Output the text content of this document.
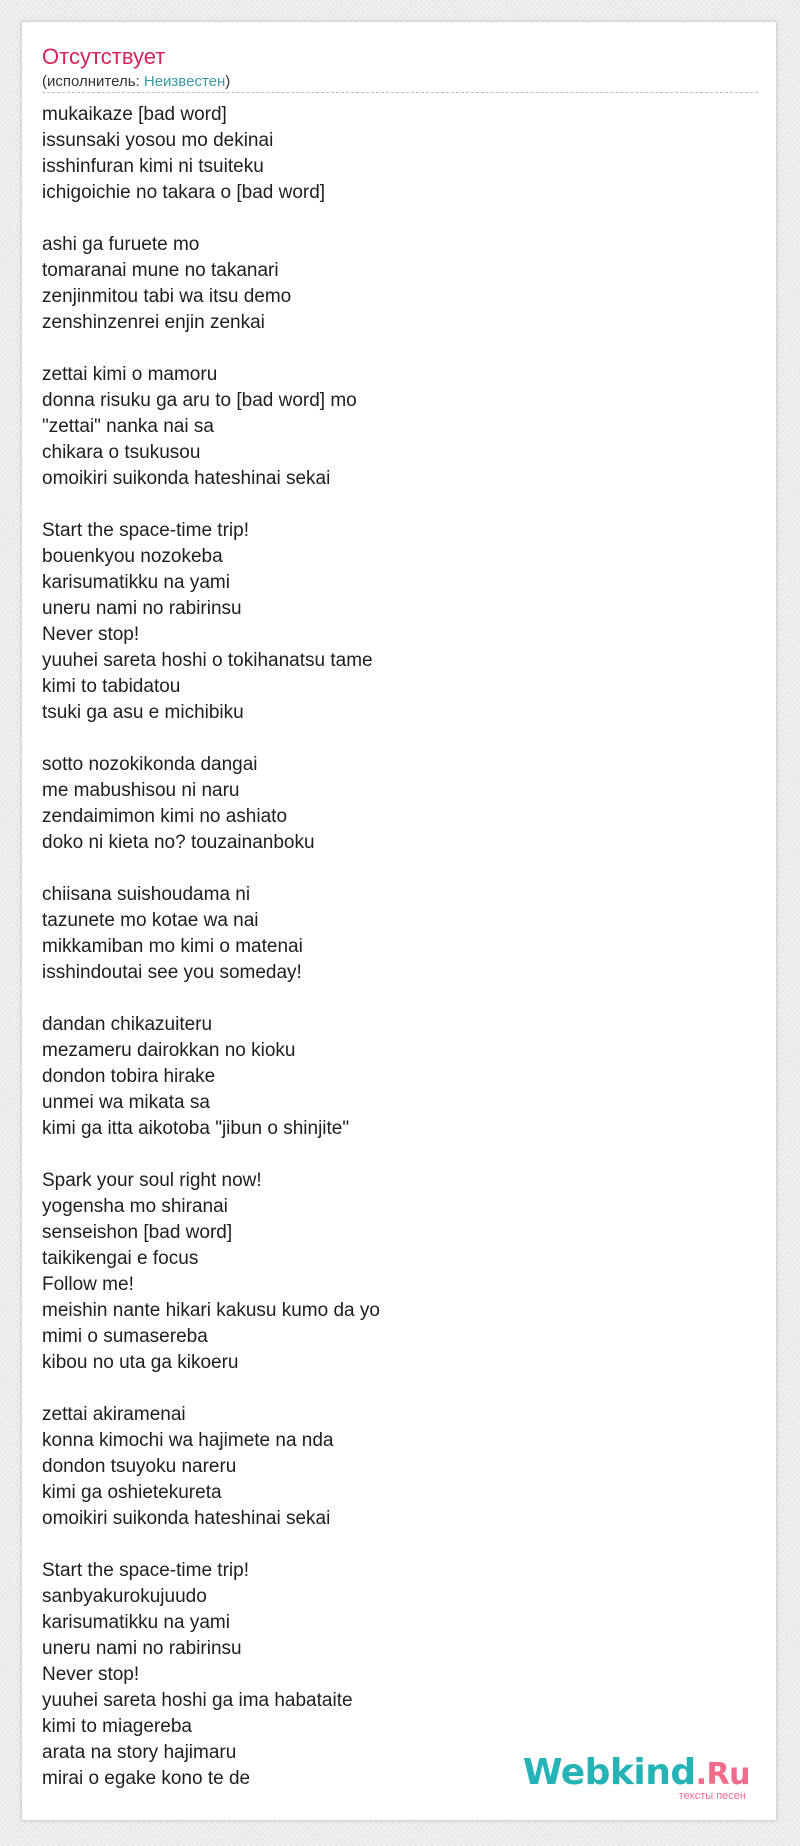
Отсутствует
(исполнитель: Неизвестен)
mukaikaze [bad word]
issunsaki yosou mo dekinai
isshinfuran kimi ni tsuiteku
ichigoichie no takara o [bad word]
ashi ga furuete mo
tomaranai mune no takanari
zenjinmitou tabi wa itsu demo
zenshinzenrei enjin zenkai
zettai kimi o mamoru
donna risuku ga aru to [bad word] mo
"zettai" nanka nai sa
chikara o tsukusou
omoikiri suikonda hateshinai sekai
Start the space-time trip!
bouenkyou nozokeba
karisumatikku na yami
uneru nami no rabirinsu
Never stop!
yuuhei sareta hoshi o tokihanatsu tame
kimi to tabidatou
tsuki ga asu e michibiku
sotto nozokikonda dangai
me mabushisou ni naru
zendaimimon kimi no ashiato
doko ni kieta no? touzainanboku
chiisana suishoudama ni
tazunete mo kotae wa nai
mikkamiban mo kimi o matenai
isshindoutai see you someday!
dandan chikazuiteru
mezameru dairokkan no kioku
dondon tobira hirake
unmei wa mikata sa
kimi ga itta aikotoba "jibun o shinjite"
Spark your soul right now!
yogensha mo shiranai
senseishon [bad word]
taikikengai e focus
Follow me!
meishin nante hikari kakusu kumo da yo
mimi o sumasereba
kibou no uta ga kikoeru
zettai akiramenai
konna kimochi wa hajimete na nda
dondon tsuyoku nareru
kimi ga oshietekureta
omoikiri suikonda hateshinai sekai
Start the space-time trip!
sanbyakurokujuudo
karisumatikku na yami
uneru nami no rabirinsu
Never stop!
yuuhei sareta hoshi ga ima habataite
kimi to miagereba
arata na story hajimaru
mirai o egake kono te de	Webkind.Ru
тексты песен
